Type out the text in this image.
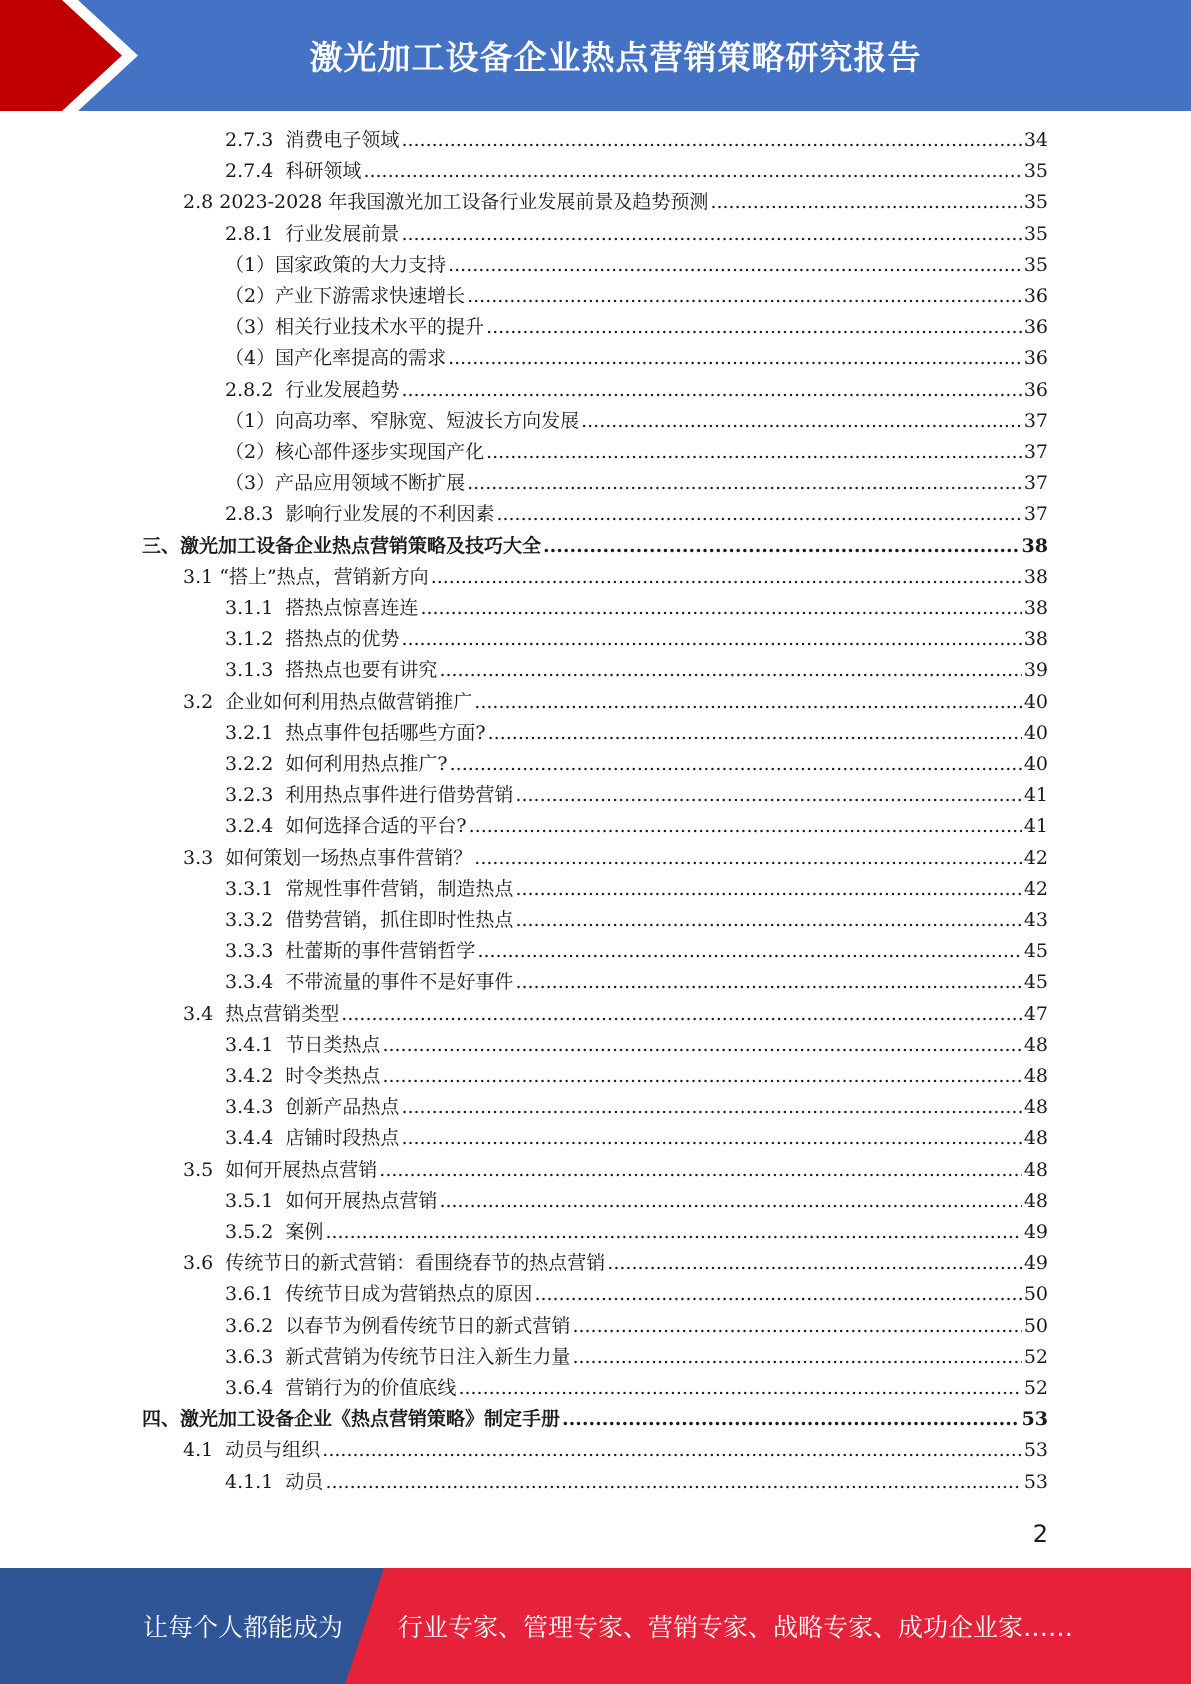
激光加工设备企业热点营销策略研究报告
2.7.3  消费电子领域 .....	34
2.7.4  科研领域 .....	35
2.8 2023-2028 年我国激光加工设备行业发展前景及趋势预测 .....	35
2.8.1  行业发展前景 .....	35
（1）国家政策的大力支持 .....	35
（2）产业下游需求快速增长 .....	36
（3）相关行业技术水平的提升 .....	36
（4）国产化率提高的需求 .....	36
2.8.2  行业发展趋势 .....	36
（1）向高功率、窄脉宽、短波长方向发展 .....	37
（2）核心部件逐步实现国产化 .....	37
（3）产品应用领域不断扩展 .....	37
2.8.3  影响行业发展的不利因素 .....	37
三、激光加工设备企业热点营销策略及技巧大全 .....	38
3.1 “搭上”热点，营销新方向 .....	38
3.1.1  搭热点惊喜连连 .....	38
3.1.2  搭热点的优势 .....	38
3.1.3  搭热点也要有讲究 .....	39
3.2  企业如何利用热点做营销推广 .....	40
3.2.1  热点事件包括哪些方面? .....	40
3.2.2  如何利用热点推广? .....	40
3.2.3  利用热点事件进行借势营销 .....	41
3.2.4  如何选择合适的平台? .....	41
3.3  如何策划一场热点事件营销？ .....	42
3.3.1  常规性事件营销，制造热点 .....	42
3.3.2  借势营销，抓住即时性热点 .....	43
3.3.3  杜蕾斯的事件营销哲学 .....	45
3.3.4  不带流量的事件不是好事件 .....	45
3.4  热点营销类型 .....	47
3.4.1  节日类热点 .....	48
3.4.2  时令类热点 .....	48
3.4.3  创新产品热点 .....	48
3.4.4  店铺时段热点 .....	48
3.5  如何开展热点营销 .....	48
3.5.1  如何开展热点营销 .....	48
3.5.2  案例 .....	49
3.6  传统节日的新式营销：看围绕春节的热点营销 .....	49
3.6.1  传统节日成为营销热点的原因 .....	50
3.6.2  以春节为例看传统节日的新式营销 .....	50
3.6.3  新式营销为传统节日注入新生力量 .....	52
3.6.4  营销行为的价值底线 .....	52
四、激光加工设备企业《热点营销策略》制定手册 .....	53
4.1  动员与组织 .....	53
4.1.1  动员 .....	53
2
让每个人都能成为 行业专家、管理专家、营销专家、战略专家、成功企业家……
